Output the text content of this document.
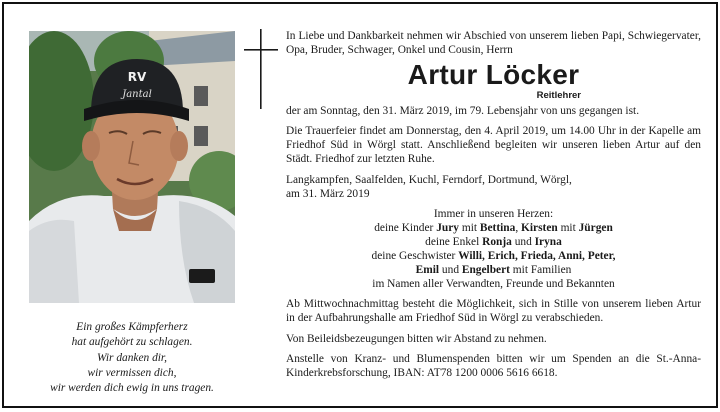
RV
Jantal
Ein großes Kämpferherz
hat aufgehört zu schlagen.
Wir danken dir,
wir vermissen dich,
wir werden dich ewig in uns tragen.
In Liebe und Dankbarkeit nehmen wir Abschied von unserem lieben Papi, Schwiegervater, Opa, Bruder, Schwager, Onkel und Cousin, Herrn
Artur Löcker
Reitlehrer
der am Sonntag, den 31. März 2019, im 79. Lebensjahr von uns gegangen ist.
Die Trauerfeier findet am Donnerstag, den 4. April 2019, um 14.00 Uhr in der Kapelle am Friedhof Süd in Wörgl statt. Anschließend begleiten wir unseren lieben Artur auf den Städt. Friedhof zur letzten Ruhe.
Langkampfen, Saalfelden, Kuchl, Ferndorf, Dortmund, Wörgl,
am 31. März 2019
Immer in unseren Herzen:
deine Kinder Jury mit Bettina, Kirsten mit Jürgen
deine Enkel Ronja und Iryna
deine Geschwister Willi, Erich, Frieda, Anni, Peter,
Emil und Engelbert mit Familien
im Namen aller Verwandten, Freunde und Bekannten
Ab Mittwochnachmittag besteht die Möglichkeit, sich in Stille von unserem lieben Artur in der Aufbahrungshalle am Friedhof Süd in Wörgl zu verabschieden.
Von Beileidsbezeugungen bitten wir Abstand zu nehmen.
Anstelle von Kranz- und Blumenspenden bitten wir um Spenden an die St.-Anna-Kinderkrebsforschung, IBAN: AT78 1200 0006 5616 6618.
